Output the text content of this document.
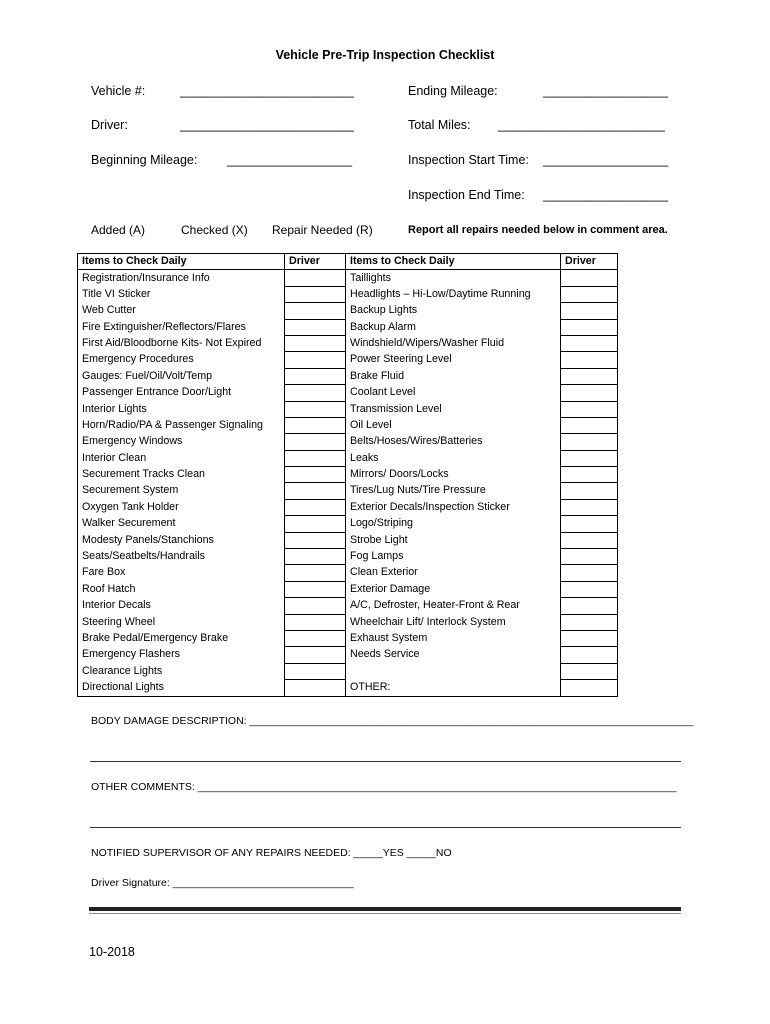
Vehicle Pre-Trip Inspection Checklist
Vehicle #:	_________________________	Ending Mileage:	__________________
Driver:	_________________________	Total Miles: ________________________
Beginning Mileage: __________________	Inspection Start Time: __________________
Inspection End Time: __________________
Added (A)	Checked (X) Repair Needed (R)	Report all repairs needed below in comment area.
Items to Check Daily	Driver	Items to Check Daily	Driver
Registration/Insurance Info		Taillights	
Title VI Sticker		Headlights – Hi-Low/Daytime Running	
Web Cutter		Backup Lights	
Fire Extinguisher/Reflectors/Flares		Backup Alarm	
First Aid/Bloodborne Kits- Not Expired		Windshield/Wipers/Washer Fluid	
Emergency Procedures		Power Steering Level	
Gauges: Fuel/Oil/Volt/Temp		Brake Fluid	
Passenger Entrance Door/Light		Coolant Level	
Interior Lights		Transmission Level	
Horn/Radio/PA & Passenger Signaling		Oil Level	
Emergency Windows		Belts/Hoses/Wires/Batteries	
Interior Clean		Leaks	
Securement Tracks Clean		Mirrors/ Doors/Locks	
Securement System		Tires/Lug Nuts/Tire Pressure	
Oxygen Tank Holder		Exterior Decals/Inspection Sticker	
Walker Securement		Logo/Striping	
Modesty Panels/Stanchions		Strobe Light	
Seats/Seatbelts/Handrails		Fog Lamps	
Fare Box		Clean Exterior	
Roof Hatch		Exterior Damage	
Interior Decals		A/C, Defroster, Heater-Front & Rear	
Steering Wheel		Wheelchair Lift/ Interlock System	
Brake Pedal/Emergency Brake		Exhaust System	
Emergency Flashers		Needs Service	
Clearance Lights			
Directional Lights		OTHER:	
BODY DAMAGE DESCRIPTION: ____________________________________________________________________________
OTHER COMMENTS: __________________________________________________________________________________
NOTIFIED SUPERVISOR OF ANY REPAIRS NEEDED: _____YES _____NO
Driver Signature: _______________________________
10-2018
